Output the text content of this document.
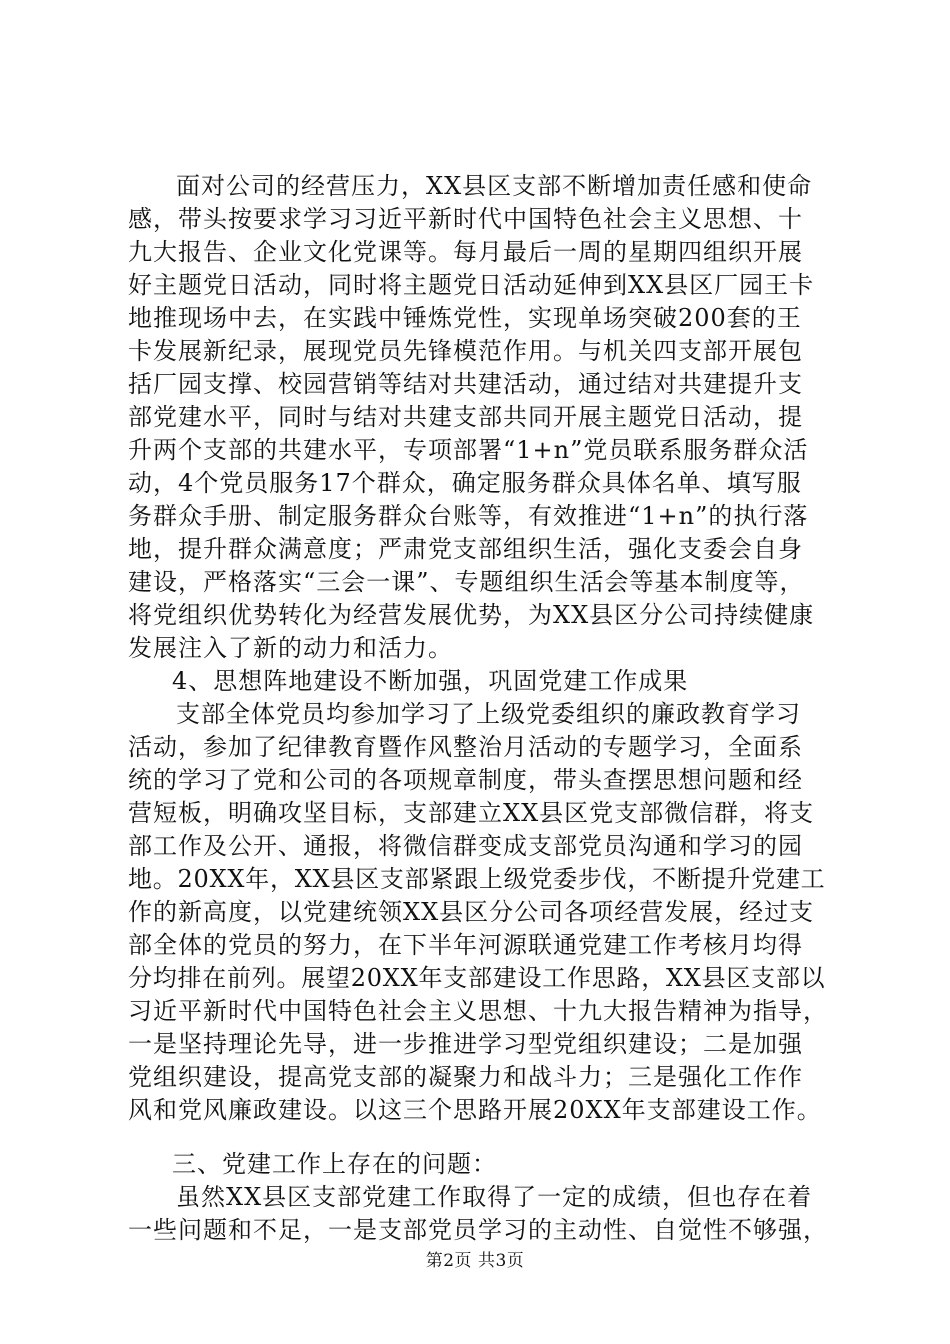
面对公司的经营压力，XX县区支部不断增加责任感和使命
感，带头按要求学习习近平新时代中国特色社会主义思想、十
九大报告、企业文化党课等。每月最后一周的星期四组织开展
好主题党日活动，同时将主题党日活动延伸到XX县区厂园王卡
地推现场中去，在实践中锤炼党性，实现单场突破200套的王
卡发展新纪录，展现党员先锋模范作用。与机关四支部开展包
括厂园支撑、校园营销等结对共建活动，通过结对共建提升支
部党建水平，同时与结对共建支部共同开展主题党日活动，提
升两个支部的共建水平，专项部署“1+n”党员联系服务群众活
动，4个党员服务17个群众，确定服务群众具体名单、填写服
务群众手册、制定服务群众台账等，有效推进“1+n”的执行落
地，提升群众满意度；严肃党支部组织生活，强化支委会自身
建设，严格落实“三会一课”、专题组织生活会等基本制度等，
将党组织优势转化为经营发展优势，为XX县区分公司持续健康
发展注入了新的动力和活力。
4、思想阵地建设不断加强，巩固党建工作成果
支部全体党员均参加学习了上级党委组织的廉政教育学习
活动，参加了纪律教育暨作风整治月活动的专题学习，全面系
统的学习了党和公司的各项规章制度，带头查摆思想问题和经
营短板，明确攻坚目标，支部建立XX县区党支部微信群，将支
部工作及公开、通报，将微信群变成支部党员沟通和学习的园
地。20XX年，XX县区支部紧跟上级党委步伐，不断提升党建工
作的新高度，以党建统领XX县区分公司各项经营发展，经过支
部全体的党员的努力，在下半年河源联通党建工作考核月均得
分均排在前列。展望20XX年支部建设工作思路，XX县区支部以
习近平新时代中国特色社会主义思想、十九大报告精神为指导，
一是坚持理论先导，进一步推进学习型党组织建设；二是加强
党组织建设，提高党支部的凝聚力和战斗力；三是强化工作作
风和党风廉政建设。以这三个思路开展20XX年支部建设工作。
三、党建工作上存在的问题：
虽然XX县区支部党建工作取得了一定的成绩，但也存在着
一些问题和不足，一是支部党员学习的主动性、自觉性不够强，
第2页 共3页
